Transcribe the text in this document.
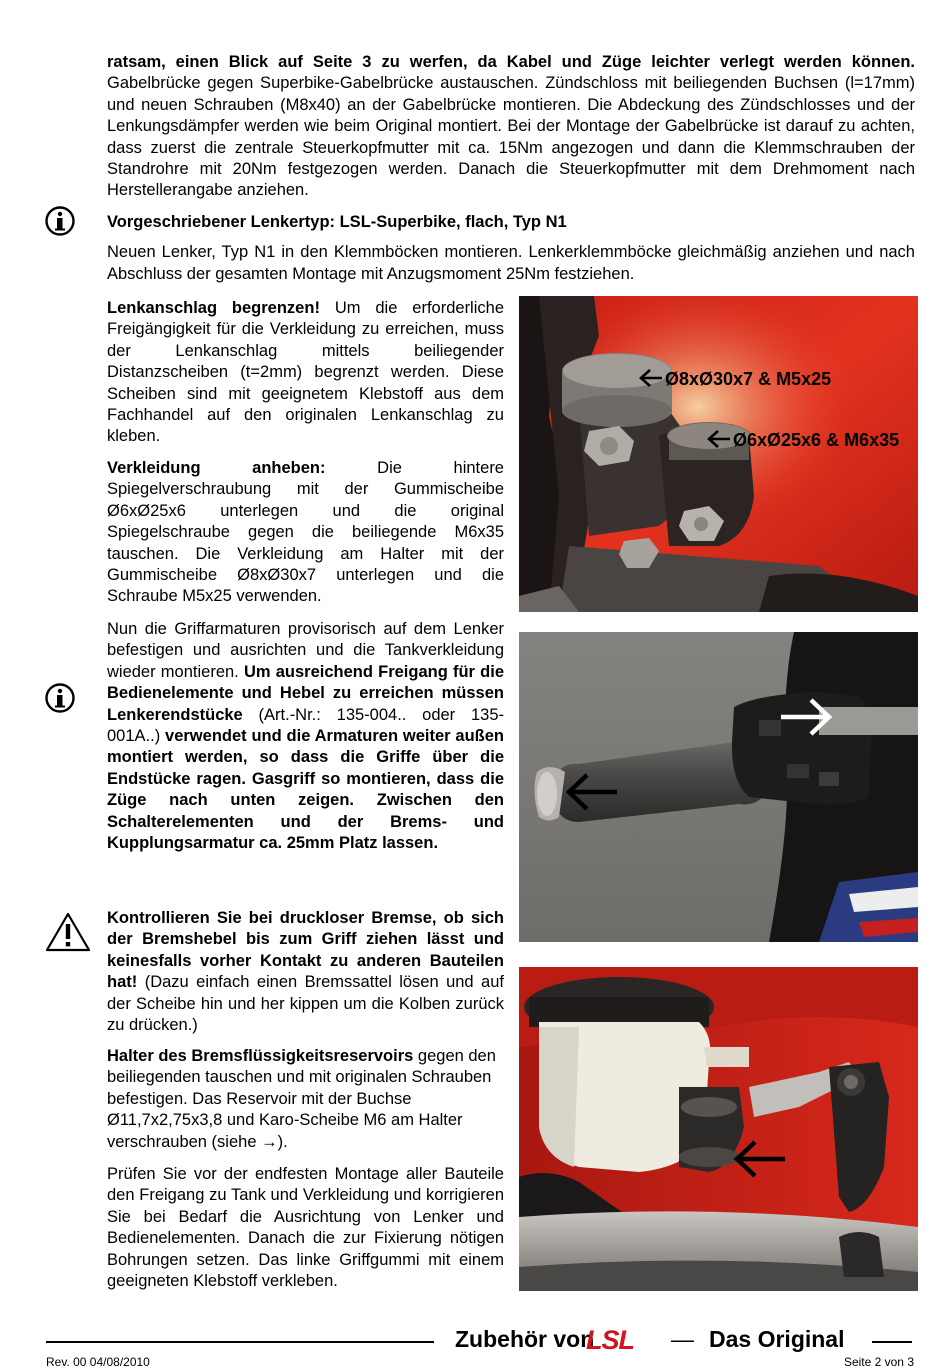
ratsam, einen Blick auf Seite 3 zu werfen, da Kabel und Züge leichter verlegt werden können. Gabelbrücke gegen Superbike-Gabelbrücke austauschen. Zündschloss mit beiliegenden Buchsen (l=17mm) und neuen Schrauben (M8x40) an der Gabelbrücke montieren. Die Abdeckung des Zündschlosses und der Lenkungsdämpfer werden wie beim Original montiert. Bei der Montage der Gabelbrücke ist darauf zu achten, dass zuerst die zentrale Steuerkopfmutter mit ca. 15Nm angezogen und dann die Klemmschrauben der Standrohre mit 20Nm festgezogen werden. Danach die Steuerkopfmutter mit dem Drehmoment nach Herstellerangabe anziehen.

Vorgeschriebener Lenkertyp: LSL-Superbike, flach, Typ N1

Neuen Lenker, Typ N1 in den Klemmböcken montieren. Lenkerklemmböcke gleichmäßig anziehen und nach Abschluss der gesamten Montage mit Anzugsmoment 25Nm festziehen.

Lenkanschlag begrenzen! Um die erforderliche Freigängigkeit für die Verkleidung zu erreichen, muss der Lenkanschlag mittels beiliegender Distanzscheiben (t=2mm) begrenzt werden. Diese Scheiben sind mit geeignetem Klebstoff aus dem Fachhandel auf den originalen Lenkanschlag zu kleben.

Verkleidung anheben: Die hintere Spiegelverschraubung mit der Gummischeibe Ø6xØ25x6 unterlegen und die original Spiegelschraube gegen die beiliegende M6x35 tauschen. Die Verkleidung am Halter mit der Gummischeibe Ø8xØ30x7 unterlegen und die Schraube M5x25 verwenden.

Nun die Griffarmaturen provisorisch auf dem Lenker befestigen und ausrichten und die Tankverkleidung wieder montieren. Um ausreichend Freigang für die Bedienelemente und Hebel zu erreichen müssen Lenkerendstücke (Art.-Nr.: 135-004.. oder 135-001A..) verwendet und die Armaturen weiter außen montiert werden, so dass die Griffe über die Endstücke ragen. Gasgriff so montieren, dass die Züge nach unten zeigen. Zwischen den Schalterelementen und der Brems- und Kupplungsarmatur ca. 25mm Platz lassen.

Kontrollieren Sie bei druckloser Bremse, ob sich der Bremshebel bis zum Griff ziehen lässt und keinesfalls vorher Kontakt zu anderen Bauteilen hat! (Dazu einfach einen Bremssattel lösen und auf der Scheibe hin und her kippen um die Kolben zurück zu drücken.)

Halter des Bremsflüssigkeitsreservoirs gegen den beiliegenden tauschen und mit originalen Schrauben befestigen. Das Reservoir mit der Buchse Ø11,7x2,75x3,8 und Karo-Scheibe M6 am Halter verschrauben (siehe →).

Prüfen Sie vor der endfesten Montage aller Bauteile den Freigang zu Tank und Verkleidung und korrigieren Sie bei Bedarf die Ausrichtung von Lenker und Bedienelementen. Danach die zur Fixierung nötigen Bohrungen setzen. Das linke Griffgummi mit einem geeigneten Klebstoff verkleben.

Ø8xØ30x7 & M5x25
Ø6xØ25x6 & M6x35
Zubehör von
LSL — Das Original
Rev. 00 04/08/2010	Seite 2 von 3
